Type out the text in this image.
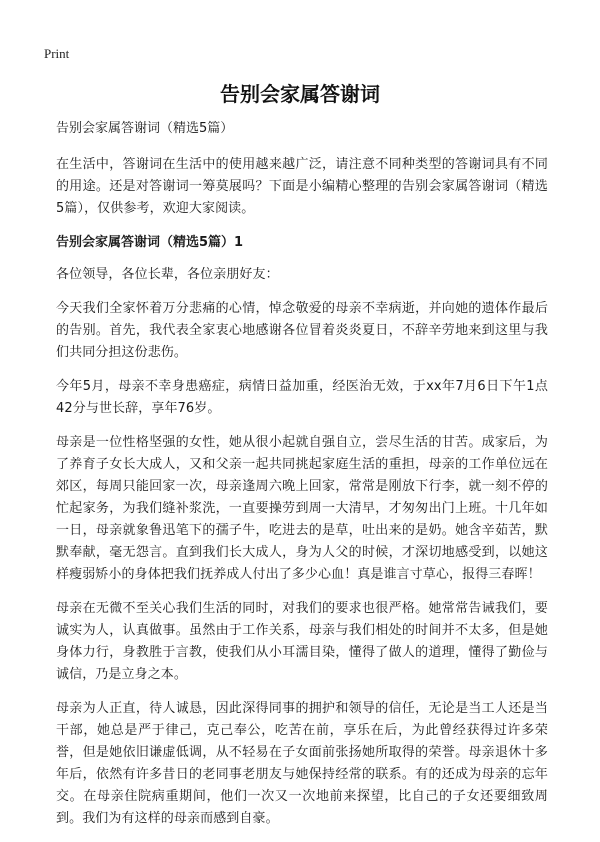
Print
告别会家属答谢词

告别会家属答谢词（精选5篇）

在生活中，答谢词在生活中的使用越来越广泛，请注意不同种类型的答谢词具有不同的用途。还是对答谢词一筹莫展吗？下面是小编精心整理的告别会家属答谢词（精选5篇），仅供参考，欢迎大家阅读。

告别会家属答谢词（精选5篇）1

各位领导，各位长辈，各位亲朋好友：

今天我们全家怀着万分悲痛的心情，悼念敬爱的母亲不幸病逝，并向她的遗体作最后的告别。首先，我代表全家衷心地感谢各位冒着炎炎夏日，不辞辛劳地来到这里与我们共同分担这份悲伤。

今年5月，母亲不幸身患癌症，病情日益加重，经医治无效，于xx年7月6日下午1点42分与世长辞，享年76岁。

母亲是一位性格坚强的女性，她从很小起就自强自立，尝尽生活的甘苦。成家后，为了养育子女长大成人，又和父亲一起共同挑起家庭生活的重担，母亲的工作单位远在郊区，每周只能回家一次，母亲逢周六晚上回家，常常是刚放下行李，就一刻不停的忙起家务，为我们缝补浆洗，一直要操劳到周一大清早，才匆匆出门上班。十几年如一日，母亲就象鲁迅笔下的孺子牛，吃进去的是草，吐出来的是奶。她含辛茹苦，默默奉献，毫无怨言。直到我们长大成人，身为人父的时候，才深切地感受到，以她这样瘦弱矫小的身体把我们抚养成人付出了多少心血！真是谁言寸草心，报得三春晖！

母亲在无微不至关心我们生活的同时，对我们的要求也很严格。她常常告诫我们，要诚实为人，认真做事。虽然由于工作关系，母亲与我们相处的时间并不太多，但是她身体力行，身教胜于言教，使我们从小耳濡目染，懂得了做人的道理，懂得了勤俭与诚信，乃是立身之本。

母亲为人正直，待人诚恳，因此深得同事的拥护和领导的信任，无论是当工人还是当干部，她总是严于律己，克己奉公，吃苦在前，享乐在后，为此曾经获得过许多荣誉，但是她依旧谦虚低调，从不轻易在子女面前张扬她所取得的荣誉。母亲退休十多年后，依然有许多昔日的老同事老朋友与她保持经常的联系。有的还成为母亲的忘年交。在母亲住院病重期间，他们一次又一次地前来探望，比自己的子女还要细致周到。我们为有这样的母亲而感到自豪。
